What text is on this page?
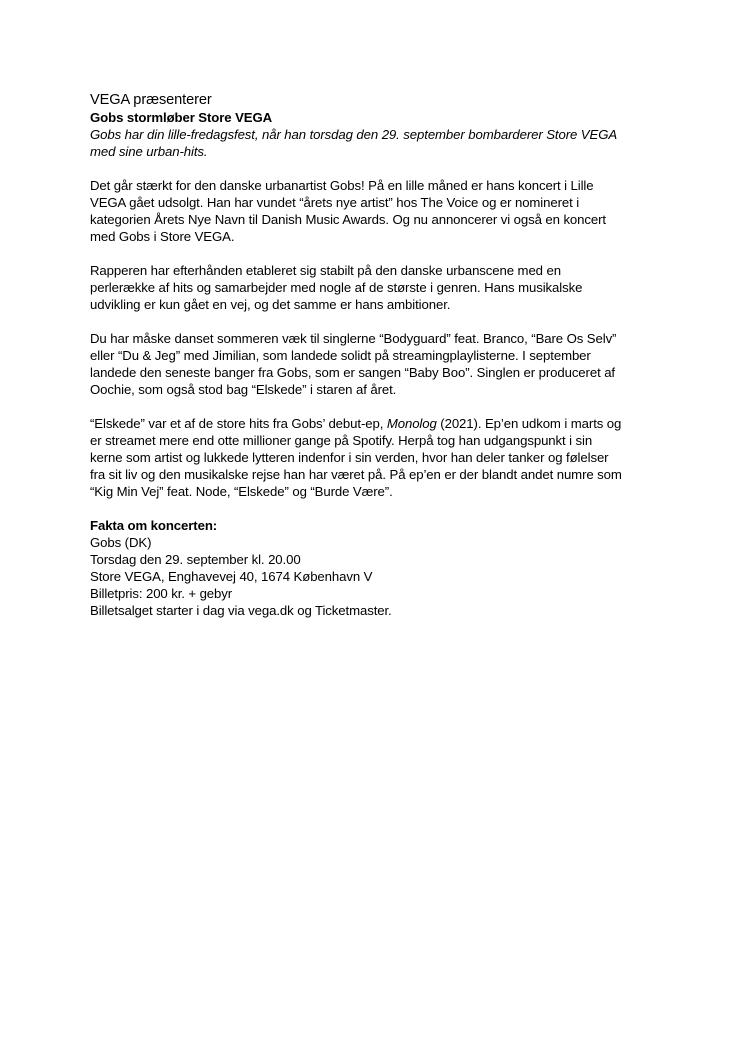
VEGA præsenterer

Gobs stormløber Store VEGA

Gobs har din lille-fredagsfest, når han torsdag den 29. september bombarderer Store VEGA
med sine urban-hits.

Det går stærkt for den danske urbanartist Gobs! På en lille måned er hans koncert i Lille
VEGA gået udsolgt. Han har vundet “årets nye artist” hos The Voice og er nomineret i
kategorien Årets Nye Navn til Danish Music Awards. Og nu annoncerer vi også en koncert
med Gobs i Store VEGA.

Rapperen har efterhånden etableret sig stabilt på den danske urbanscene med en
perlerække af hits og samarbejder med nogle af de største i genren. Hans musikalske
udvikling er kun gået en vej, og det samme er hans ambitioner.

Du har måske danset sommeren væk til singlerne “Bodyguard” feat. Branco, “Bare Os Selv”
eller “Du & Jeg” med Jimilian, som landede solidt på streamingplaylisterne. I september
landede den seneste banger fra Gobs, som er sangen “Baby Boo”. Singlen er produceret af
Oochie, som også stod bag “Elskede” i staren af året.

“Elskede” var et af de store hits fra Gobs’ debut-ep, Monolog (2021). Ep’en udkom i marts og
er streamet mere end otte millioner gange på Spotify. Herpå tog han udgangspunkt i sin
kerne som artist og lukkede lytteren indenfor i sin verden, hvor han deler tanker og følelser
fra sit liv og den musikalske rejse han har været på. På ep’en er der blandt andet numre som
“Kig Min Vej” feat. Node, “Elskede” og “Burde Være”.

Fakta om koncerten:

Gobs (DK)
Torsdag den 29. september kl. 20.00
Store VEGA, Enghavevej 40, 1674 København V
Billetpris: 200 kr. + gebyr
Billetsalget starter i dag via vega.dk og Ticketmaster.
